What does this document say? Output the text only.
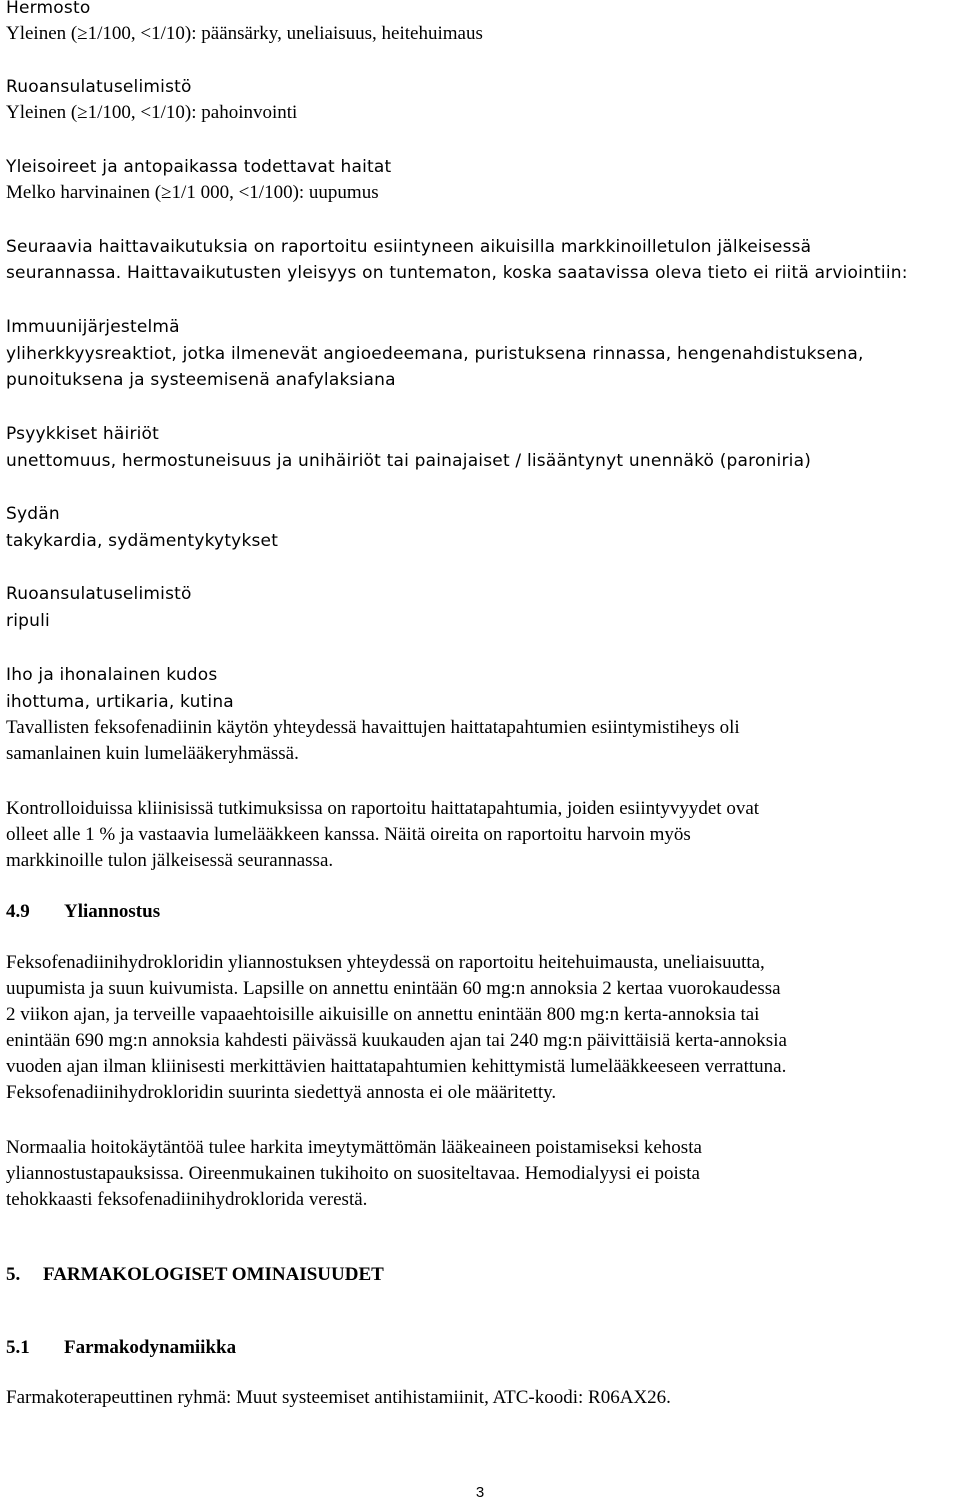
Hermosto
Yleinen (≥1/100, <1/10): päänsärky, uneliaisuus, heitehuimaus
Ruoansulatuselimistö
Yleinen (≥1/100, <1/10): pahoinvointi
Yleisoireet ja antopaikassa todettavat haitat
Melko harvinainen (≥1/1 000, <1/100): uupumus
Seuraavia haittavaikutuksia on raportoitu esiintyneen aikuisilla markkinoilletulon jälkeisessä
seurannassa. Haittavaikutusten yleisyys on tuntematon, koska saatavissa oleva tieto ei riitä arviointiin:
Immuunijärjestelmä
yliherkkyysreaktiot, jotka ilmenevät angioedeemana, puristuksena rinnassa, hengenahdistuksena,
punoituksena ja systeemisenä anafylaksiana
Psyykkiset häiriöt
unettomuus, hermostuneisuus ja unihäiriöt tai painajaiset / lisääntynyt unennäkö (paroniria)
Sydän
takykardia, sydämentykytykset
Ruoansulatuselimistö
ripuli
Iho ja ihonalainen kudos
ihottuma, urtikaria, kutina
Tavallisten feksofenadiinin käytön yhteydessä havaittujen haittatapahtumien esiintymistiheys oli
samanlainen kuin lumelääkeryhmässä.
Kontrolloiduissa kliinisissä tutkimuksissa on raportoitu haittatapahtumia, joiden esiintyvyydet ovat
olleet alle 1 % ja vastaavia lumelääkkeen kanssa. Näitä oireita on raportoitu harvoin myös
markkinoille tulon jälkeisessä seurannassa.
4.9 Yliannostus
Feksofenadiinihydrokloridin yliannostuksen yhteydessä on raportoitu heitehuimausta, uneliaisuutta,
uupumista ja suun kuivumista. Lapsille on annettu enintään 60 mg:n annoksia 2 kertaa vuorokaudessa
2 viikon ajan, ja terveille vapaaehtoisille aikuisille on annettu enintään 800 mg:n kerta-annoksia tai
enintään 690 mg:n annoksia kahdesti päivässä kuukauden ajan tai 240 mg:n päivittäisiä kerta-annoksia
vuoden ajan ilman kliinisesti merkittävien haittatapahtumien kehittymistä lumelääkkeeseen verrattuna.
Feksofenadiinihydrokloridin suurinta siedettyä annosta ei ole määritetty.
Normaalia hoitokäytäntöä tulee harkita imeytymättömän lääkeaineen poistamiseksi kehosta
yliannostustapauksissa. Oireenmukainen tukihoito on suositeltavaa. Hemodialyysi ei poista
tehokkaasti feksofenadiinihydroklorida verestä.
5. FARMAKOLOGISET OMINAISUUDET
5.1 Farmakodynamiikka
Farmakoterapeuttinen ryhmä: Muut systeemiset antihistamiinit, ATC-koodi: R06AX26.
3
